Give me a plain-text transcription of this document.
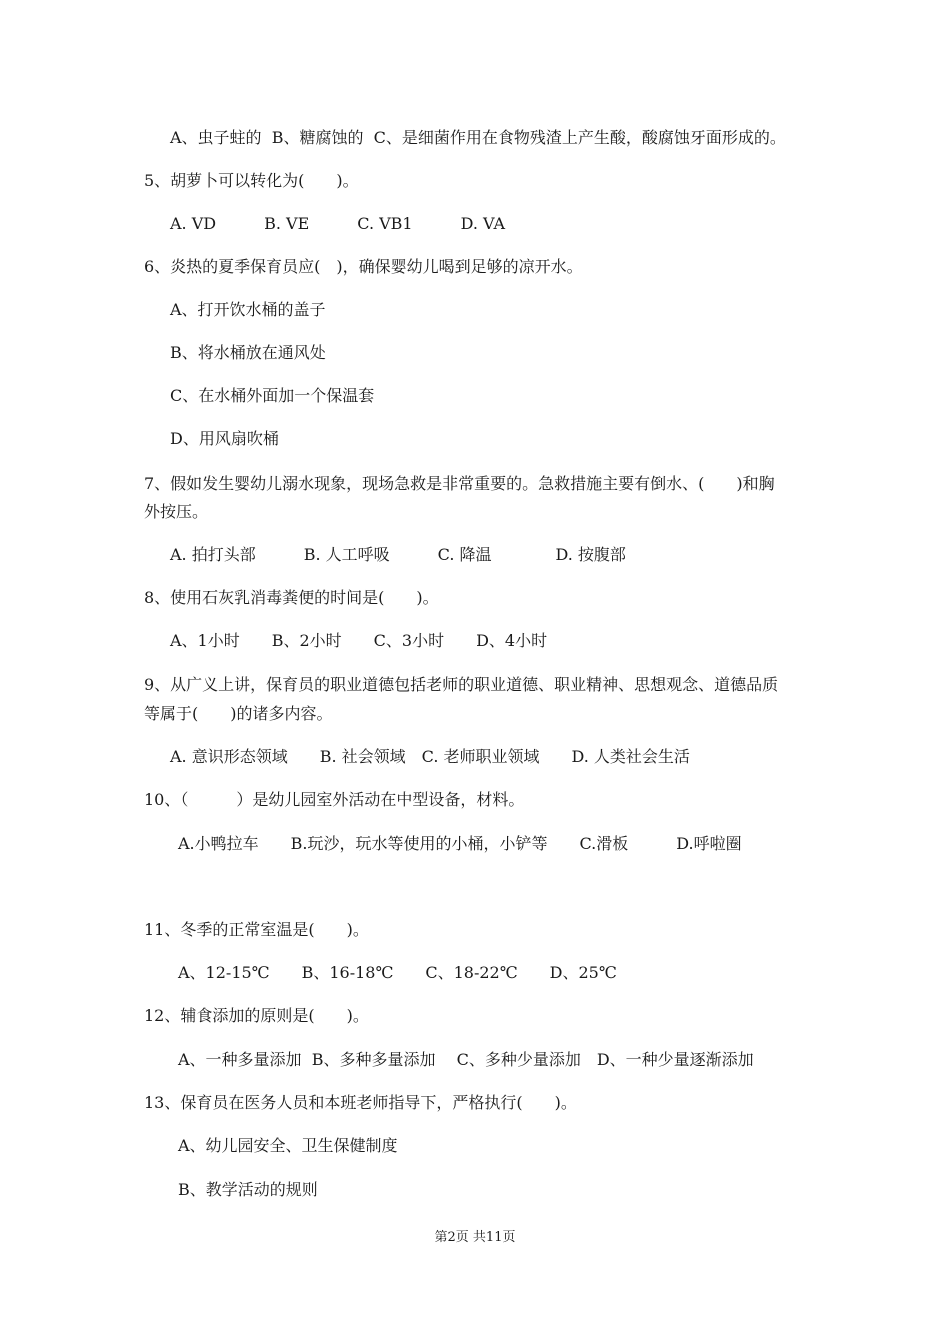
A、虫子蛀的  B、糖腐蚀的  C、是细菌作用在食物残渣上产生酸，酸腐蚀牙面形成的。
5、胡萝卜可以转化为(　　)。
A. VD　　　B. VE　　　C. VB1　　　D. VA
6、炎热的夏季保育员应(　)，确保婴幼儿喝到足够的凉开水。
A、打开饮水桶的盖子
B、将水桶放在通风处
C、在水桶外面加一个保温套
D、用风扇吹桶
7、假如发生婴幼儿溺水现象，现场急救是非常重要的。急救措施主要有倒水、(　　)和胸
外按压。
A. 拍打头部　　　B. 人工呼吸　　　C. 降温　　　　D. 按腹部
8、使用石灰乳消毒粪便的时间是(　　)。
A、1小时　　B、2小时　　C、3小时　　D、4小时
9、从广义上讲，保育员的职业道德包括老师的职业道德、职业精神、思想观念、道德品质
等属于(　　)的诸多内容。
A. 意识形态领域　　B. 社会领域　C. 老师职业领域　　D. 人类社会生活
10、（　　　）是幼儿园室外活动在中型设备，材料。
A.小鸭拉车　　B.玩沙，玩水等使用的小桶，小铲等　　C.滑板　　　D.呼啦圈
11、冬季的正常室温是(　　)。
A、12-15℃　　B、16-18℃　　C、18-22℃　　D、25℃
12、辅食添加的原则是(　　)。
A、一种多量添加  B、多种多量添加　 C、多种少量添加　D、一种少量逐渐添加
13、保育员在医务人员和本班老师指导下，严格执行(　　)。
A、幼儿园安全、卫生保健制度
B、教学活动的规则
第2页 共11页
